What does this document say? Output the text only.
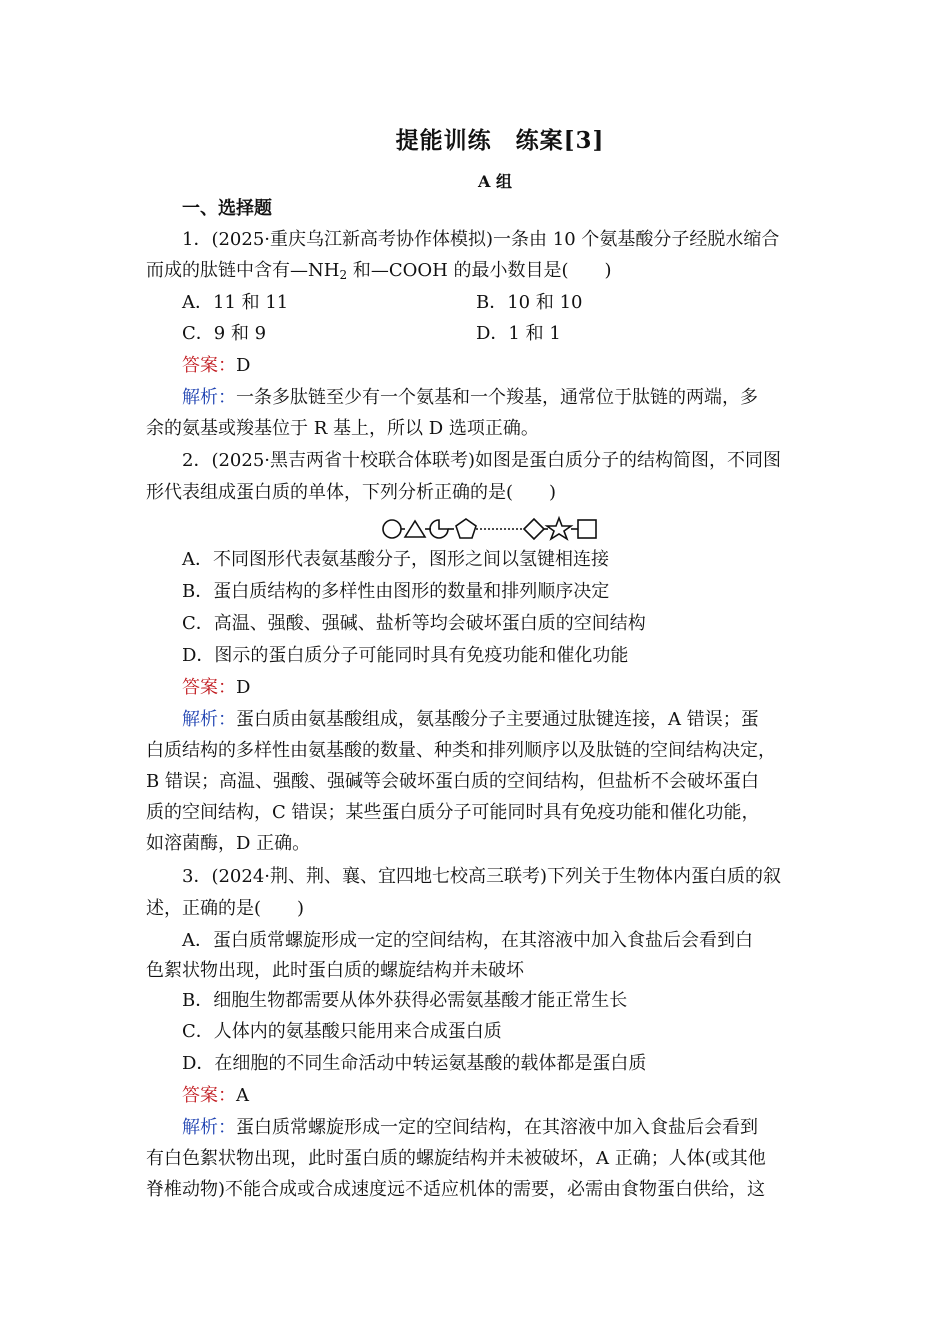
提能训练　练案[3]
A 组
一、选择题
1．(2025·重庆乌江新高考协作体模拟)一条由 10 个氨基酸分子经脱水缩合
而成的肽链中含有$—NH_2$ 和—COOH 的最小数目是(　　)
A．11 和 11	B．10 和 10
C．9 和 9	D．1 和 1
答案：D
解析：一条多肽链至少有一个氨基和一个羧基，通常位于肽链的两端，多
余的氨基或羧基位于 R 基上，所以 D 选项正确。
2．(2025·黑吉两省十校联合体联考)如图是蛋白质分子的结构简图，不同图
形代表组成蛋白质的单体，下列分析正确的是(　　)
A．不同图形代表氨基酸分子，图形之间以氢键相连接
B．蛋白质结构的多样性由图形的数量和排列顺序决定
C．高温、强酸、强碱、盐析等均会破坏蛋白质的空间结构
D．图示的蛋白质分子可能同时具有免疫功能和催化功能
答案：D
解析：蛋白质由氨基酸组成，氨基酸分子主要通过肽键连接，A 错误；蛋
白质结构的多样性由氨基酸的数量、种类和排列顺序以及肽链的空间结构决定，
B 错误；高温、强酸、强碱等会破坏蛋白质的空间结构，但盐析不会破坏蛋白
质的空间结构，C 错误；某些蛋白质分子可能同时具有免疫功能和催化功能，
如溶菌酶，D 正确。
3．(2024·荆、荆、襄、宜四地七校高三联考)下列关于生物体内蛋白质的叙
述，正确的是(　　)
A．蛋白质常螺旋形成一定的空间结构，在其溶液中加入食盐后会看到白
色絮状物出现，此时蛋白质的螺旋结构并未破坏
B．细胞生物都需要从体外获得必需氨基酸才能正常生长
C．人体内的氨基酸只能用来合成蛋白质
D．在细胞的不同生命活动中转运氨基酸的载体都是蛋白质
答案：A
解析：蛋白质常螺旋形成一定的空间结构，在其溶液中加入食盐后会看到
有白色絮状物出现，此时蛋白质的螺旋结构并未被破坏，A 正确；人体(或其他
脊椎动物)不能合成或合成速度远不适应机体的需要，必需由食物蛋白供给，这
